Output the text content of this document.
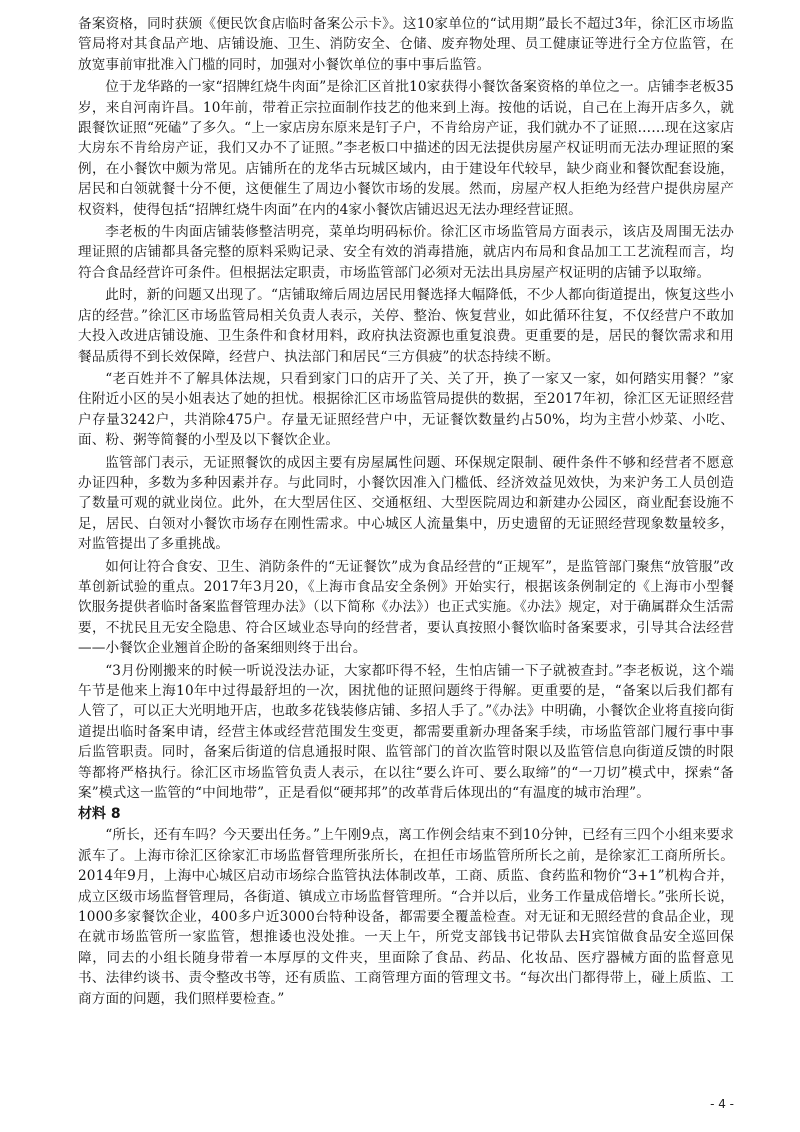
备案资格，同时获颁《便民饮食店临时备案公示卡》。这10家单位的“试用期”最长不超过3年，徐汇区市场监管局将对其食品产地、店铺设施、卫生、消防安全、仓储、废弃物处理、员工健康证等进行全方位监管，在放宽事前审批准入门槛的同时，加强对小餐饮单位的事中事后监管。

位于龙华路的一家“招牌红烧牛肉面”是徐汇区首批10家获得小餐饮备案资格的单位之一。店铺李老板35岁，来自河南许昌。10年前，带着正宗拉面制作技艺的他来到上海。按他的话说，自己在上海开店多久，就跟餐饮证照“死磕”了多久。“上一家店房东原来是钉子户，不肯给房产证，我们就办不了证照……现在这家店大房东不肯给房产证，我们又办不了证照。”李老板口中描述的因无法提供房屋产权证明而无法办理证照的案例，在小餐饮中颇为常见。店铺所在的龙华古玩城区域内，由于建设年代较早，缺少商业和餐饮配套设施，居民和白领就餐十分不便，这便催生了周边小餐饮市场的发展。然而，房屋产权人拒绝为经营户提供房屋产权资料，使得包括“招牌红烧牛肉面”在内的4家小餐饮店铺迟迟无法办理经营证照。

李老板的牛肉面店铺装修整洁明亮，菜单均明码标价。徐汇区市场监管局方面表示，该店及周围无法办理证照的店铺都具备完整的原料采购记录、安全有效的消毒措施，就店内布局和食品加工工艺流程而言，均符合食品经营许可条件。但根据法定职责，市场监管部门必须对无法出具房屋产权证明的店铺予以取缔。

此时，新的问题又出现了。“店铺取缔后周边居民用餐选择大幅降低，不少人都向街道提出，恢复这些小店的经营。”徐汇区市场监管局相关负责人表示，关停、整治、恢复营业，如此循环往复，不仅经营户不敢加大投入改进店铺设施、卫生条件和食材用料，政府执法资源也重复浪费。更重要的是，居民的餐饮需求和用餐品质得不到长效保障，经营户、执法部门和居民“三方俱疲”的状态持续不断。

“老百姓并不了解具体法规，只看到家门口的店开了关、关了开，换了一家又一家，如何踏实用餐？”家住附近小区的吴小姐表达了她的担忧。根据徐汇区市场监管局提供的数据，至2017年初，徐汇区无证照经营户存量3242户，共消除475户。存量无证照经营户中，无证餐饮数量约占50%，均为主营小炒菜、小吃、面、粉、粥等简餐的小型及以下餐饮企业。

监管部门表示，无证照餐饮的成因主要有房屋属性问题、环保规定限制、硬件条件不够和经营者不愿意办证四种，多数为多种因素并存。与此同时，小餐饮因准入门槛低、经济效益见效快，为来沪务工人员创造了数量可观的就业岗位。此外，在大型居住区、交通枢纽、大型医院周边和新建办公园区，商业配套设施不足，居民、白领对小餐饮市场存在刚性需求。中心城区人流量集中，历史遗留的无证照经营现象数量较多，对监管提出了多重挑战。

如何让符合食安、卫生、消防条件的“无证餐饮”成为食品经营的“正规军”，是监管部门聚焦“放管服”改革创新试验的重点。2017年3月20，《上海市食品安全条例》开始实行，根据该条例制定的《上海市小型餐饮服务提供者临时备案监督管理办法》（以下简称《办法》）也正式实施。《办法》规定，对于确属群众生活需要，不扰民且无安全隐患、符合区域业态导向的经营者，要认真按照小餐饮临时备案要求，引导其合法经营——小餐饮企业翘首企盼的备案细则终于出台。

“3月份刚搬来的时候一听说没法办证，大家都吓得不轻，生怕店铺一下子就被查封。”李老板说，这个端午节是他来上海10年中过得最舒坦的一次，困扰他的证照问题终于得解。更重要的是，“备案以后我们都有人管了，可以正大光明地开店，也敢多花钱装修店铺、多招人手了。”《办法》中明确，小餐饮企业将直接向街道提出临时备案申请，经营主体或经营范围发生变更，都需要重新办理备案手续，市场监管部门履行事中事后监管职责。同时，备案后街道的信息通报时限、监管部门的首次监管时限以及监管信息向街道反馈的时限等都将严格执行。徐汇区市场监管负责人表示，在以往“要么许可、要么取缔”的“一刀切”模式中，探索“备案”模式这一监管的“中间地带”，正是看似“硬邦邦”的改革背后体现出的“有温度的城市治理”。

材料 8

“所长，还有车吗？今天要出任务。”上午刚9点，离工作例会结束不到10分钟，已经有三四个小组来要求派车了。上海市徐汇区徐家汇市场监督管理所张所长，在担任市场监管所所长之前，是徐家汇工商所所长。2014年9月，上海中心城区启动市场综合监管执法体制改革，工商、质监、食药监和物价“3+1”机构合并，成立区级市场监督管理局，各街道、镇成立市场监督管理所。“合并以后，业务工作量成倍增长。”张所长说，1000多家餐饮企业，400多户近3000台特种设备，都需要全覆盖检查。对无证和无照经营的食品企业，现在就市场监管所一家监管，想推诿也没处推。一天上午，所党支部钱书记带队去H宾馆做食品安全巡回保障，同去的小组长随身带着一本厚厚的文件夹，里面除了食品、药品、化妆品、医疗器械方面的监督意见书、法律约谈书、责令整改书等，还有质监、工商管理方面的管理文书。“每次出门都得带上，碰上质监、工商方面的问题，我们照样要检查。”

- 4 -
